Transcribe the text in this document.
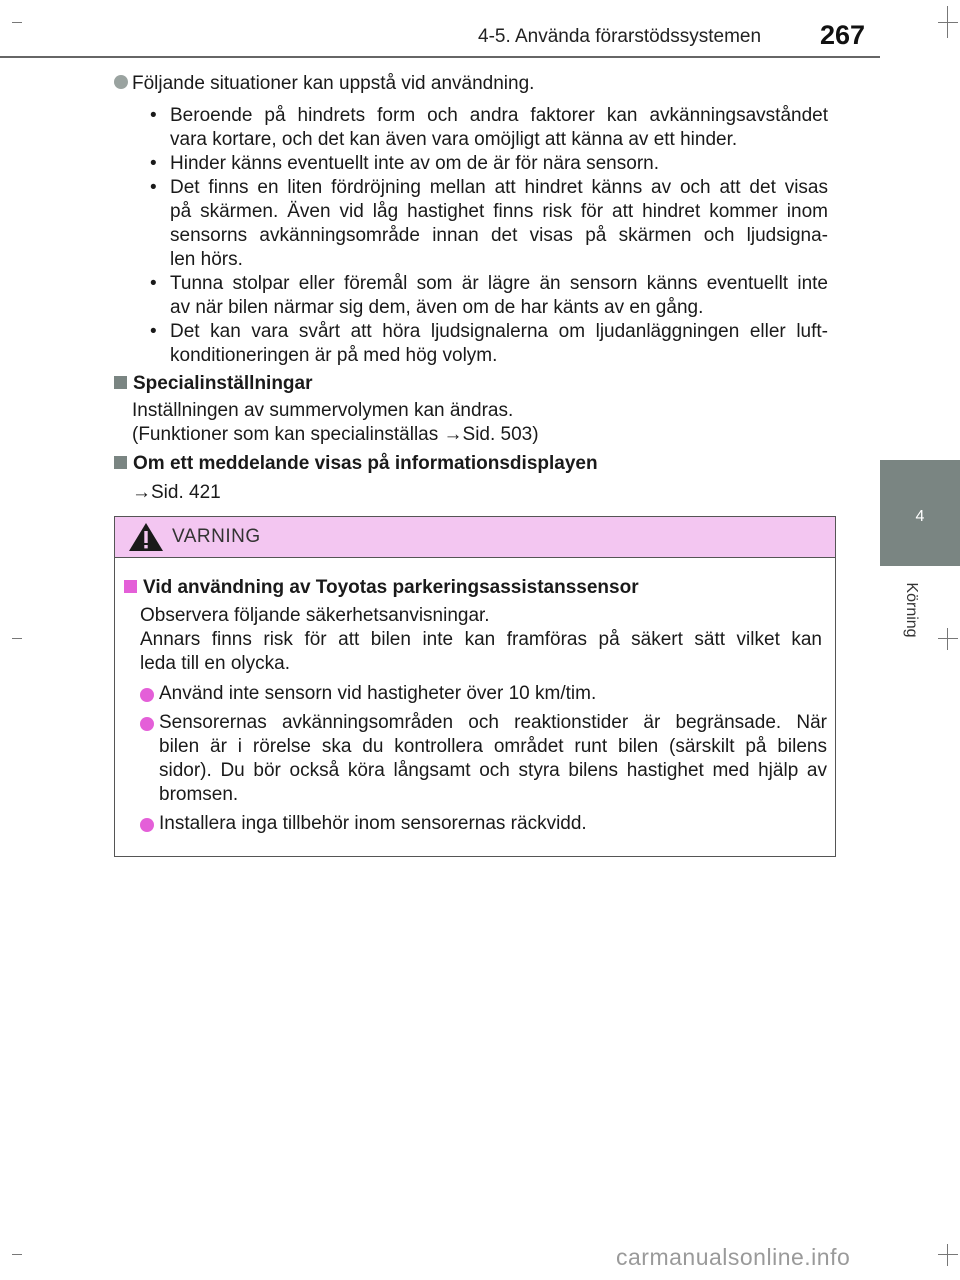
4-5. Använda förarstödssystemen 267
4
Körning
Följande situationer kan uppstå vid användning.
• Beroende på hindrets form och andra faktorer kan avkänningsavståndet
vara kortare, och det kan även vara omöjligt att känna av ett hinder.
• Hinder känns eventuellt inte av om de är för nära sensorn.
• Det finns en liten fördröjning mellan att hindret känns av och att det visas
på skärmen. Även vid låg hastighet finns risk för att hindret kommer inom
sensorns avkänningsområde innan det visas på skärmen och ljudsigna-
len hörs.
• Tunna stolpar eller föremål som är lägre än sensorn känns eventuellt inte
av när bilen närmar sig dem, även om de har känts av en gång.
• Det kan vara svårt att höra ljudsignalerna om ljudanläggningen eller luft-
konditioneringen är på med hög volym.
Specialinställningar
Inställningen av summervolymen kan ändras.
(Funktioner som kan specialinställas →Sid. 503)
Om ett meddelande visas på informationsdisplayen
→Sid. 421
VARNING
Vid användning av Toyotas parkeringsassistanssensor
Observera följande säkerhetsanvisningar.
Annars finns risk för att bilen inte kan framföras på säkert sätt vilket kan
leda till en olycka.
Använd inte sensorn vid hastigheter över 10 km/tim.
Sensorernas avkänningsområden och reaktionstider är begränsade. När
bilen är i rörelse ska du kontrollera området runt bilen (särskilt på bilens
sidor). Du bör också köra långsamt och styra bilens hastighet med hjälp av
bromsen.
Installera inga tillbehör inom sensorernas räckvidd.
carmanualsonline.info
